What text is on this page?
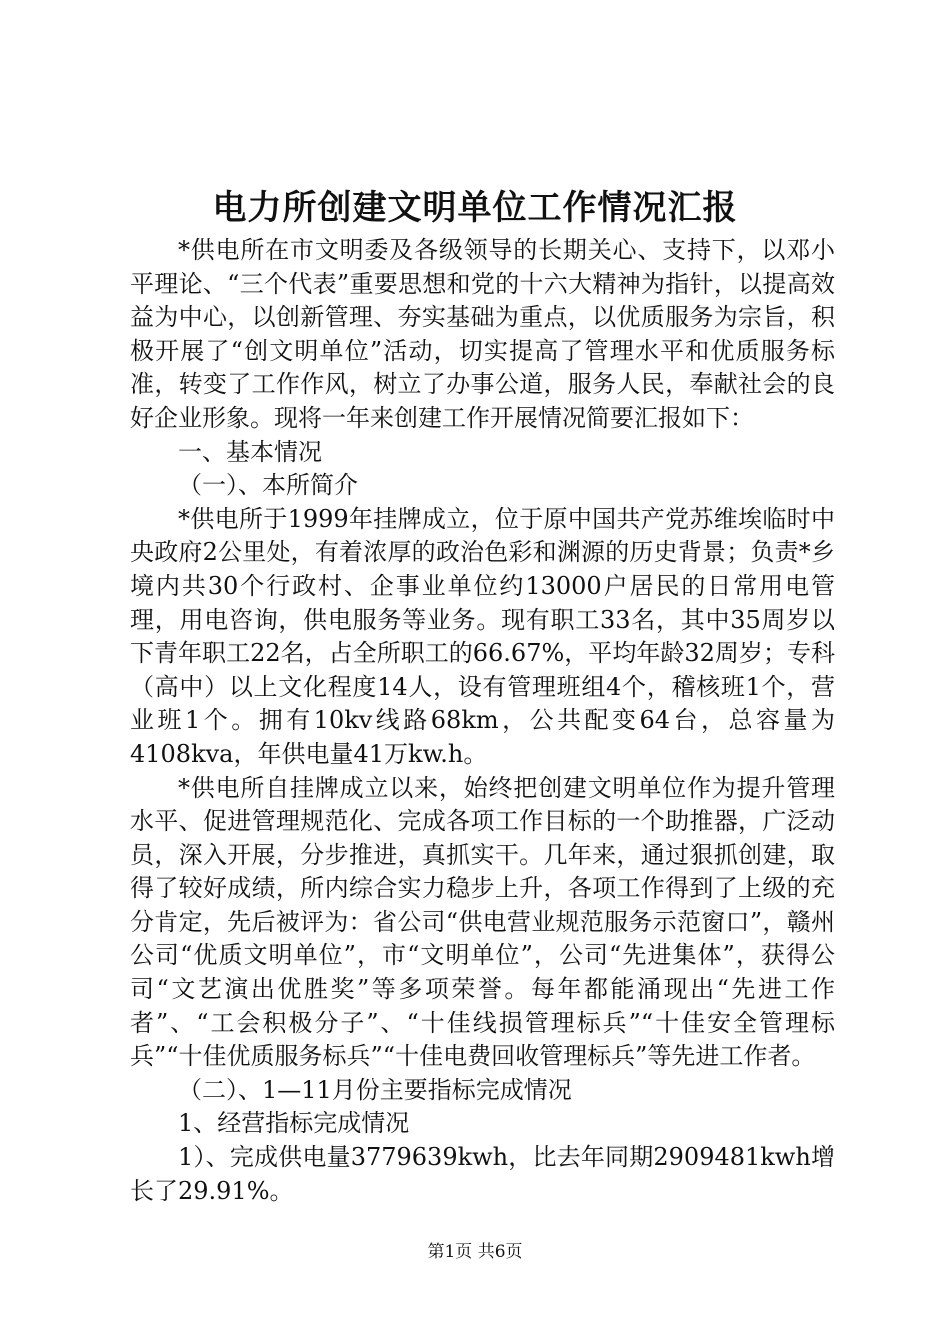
电力所创建文明单位工作情况汇报

*供电所在市文明委及各级领导的长期关心、支持下，以邓小平理论、“三个代表”重要思想和党的十六大精神为指针，以提高效益为中心，以创新管理、夯实基础为重点，以优质服务为宗旨，积极开展了“创文明单位”活动，切实提高了管理水平和优质服务标准，转变了工作作风，树立了办事公道，服务人民，奉献社会的良好企业形象。现将一年来创建工作开展情况简要汇报如下：

一、基本情况

（一）、本所简介

*供电所于1999年挂牌成立，位于原中国共产党苏维埃临时中央政府2公里处，有着浓厚的政治色彩和渊源的历史背景；负责*乡境内共30个行政村、企事业单位约13000户居民的日常用电管理，用电咨询，供电服务等业务。现有职工33名，其中35周岁以下青年职工22名，占全所职工的66.67%，平均年龄32周岁；专科（高中）以上文化程度14人，设有管理班组4个，稽核班1个，营业班1个。拥有10kv线路68km，公共配变64台，总容量为4108kva，年供电量41万kw.h。

*供电所自挂牌成立以来，始终把创建文明单位作为提升管理水平、促进管理规范化、完成各项工作目标的一个助推器，广泛动员，深入开展，分步推进，真抓实干。几年来，通过狠抓创建，取得了较好成绩，所内综合实力稳步上升，各项工作得到了上级的充分肯定，先后被评为：省公司“供电营业规范服务示范窗口”，赣州公司“优质文明单位”，市“文明单位”，公司“先进集体”，获得公司“文艺演出优胜奖”等多项荣誉。每年都能涌现出“先进工作者”、“工会积极分子”、“十佳线损管理标兵”“十佳安全管理标兵”“十佳优质服务标兵”“十佳电费回收管理标兵”等先进工作者。

（二）、1—11月份主要指标完成情况

1、经营指标完成情况

1）、完成供电量3779639kwh，比去年同期2909481kwh增长了29.91%。

第1页 共6页
